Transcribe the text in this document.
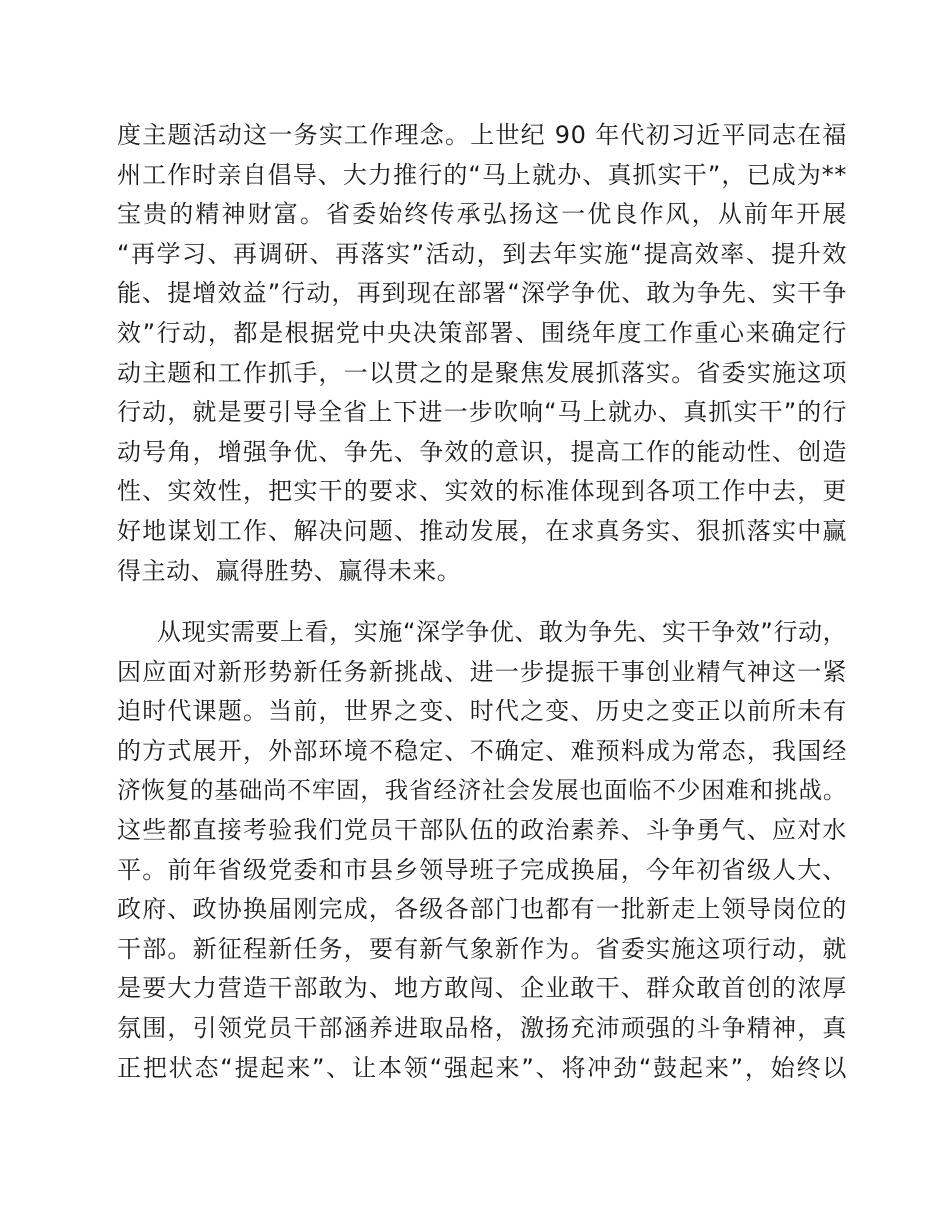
度主题活动这一务实工作理念。上世纪 90 年代初习近平同志在福
州工作时亲自倡导、大力推行的“马上就办、真抓实干”，已成为**
宝贵的精神财富。省委始终传承弘扬这一优良作风，从前年开展
“再学习、再调研、再落实”活动，到去年实施“提高效率、提升效
能、提增效益”行动，再到现在部署“深学争优、敢为争先、实干争
效”行动，都是根据党中央决策部署、围绕年度工作重心来确定行
动主题和工作抓手，一以贯之的是聚焦发展抓落实。省委实施这项
行动，就是要引导全省上下进一步吹响“马上就办、真抓实干”的行
动号角，增强争优、争先、争效的意识，提高工作的能动性、创造
性、实效性，把实干的要求、实效的标准体现到各项工作中去，更
好地谋划工作、解决问题、推动发展，在求真务实、狠抓落实中赢
得主动、赢得胜势、赢得未来。
从现实需要上看，实施“深学争优、敢为争先、实干争效”行动，
因应面对新形势新任务新挑战、进一步提振干事创业精气神这一紧
迫时代课题。当前，世界之变、时代之变、历史之变正以前所未有
的方式展开，外部环境不稳定、不确定、难预料成为常态，我国经
济恢复的基础尚不牢固，我省经济社会发展也面临不少困难和挑战。
这些都直接考验我们党员干部队伍的政治素养、斗争勇气、应对水
平。前年省级党委和市县乡领导班子完成换届，今年初省级人大、
政府、政协换届刚完成，各级各部门也都有一批新走上领导岗位的
干部。新征程新任务，要有新气象新作为。省委实施这项行动，就
是要大力营造干部敢为、地方敢闯、企业敢干、群众敢首创的浓厚
氛围，引领党员干部涵养进取品格，激扬充沛顽强的斗争精神，真
正把状态“提起来”、让本领“强起来”、将冲劲“鼓起来”，始终以
